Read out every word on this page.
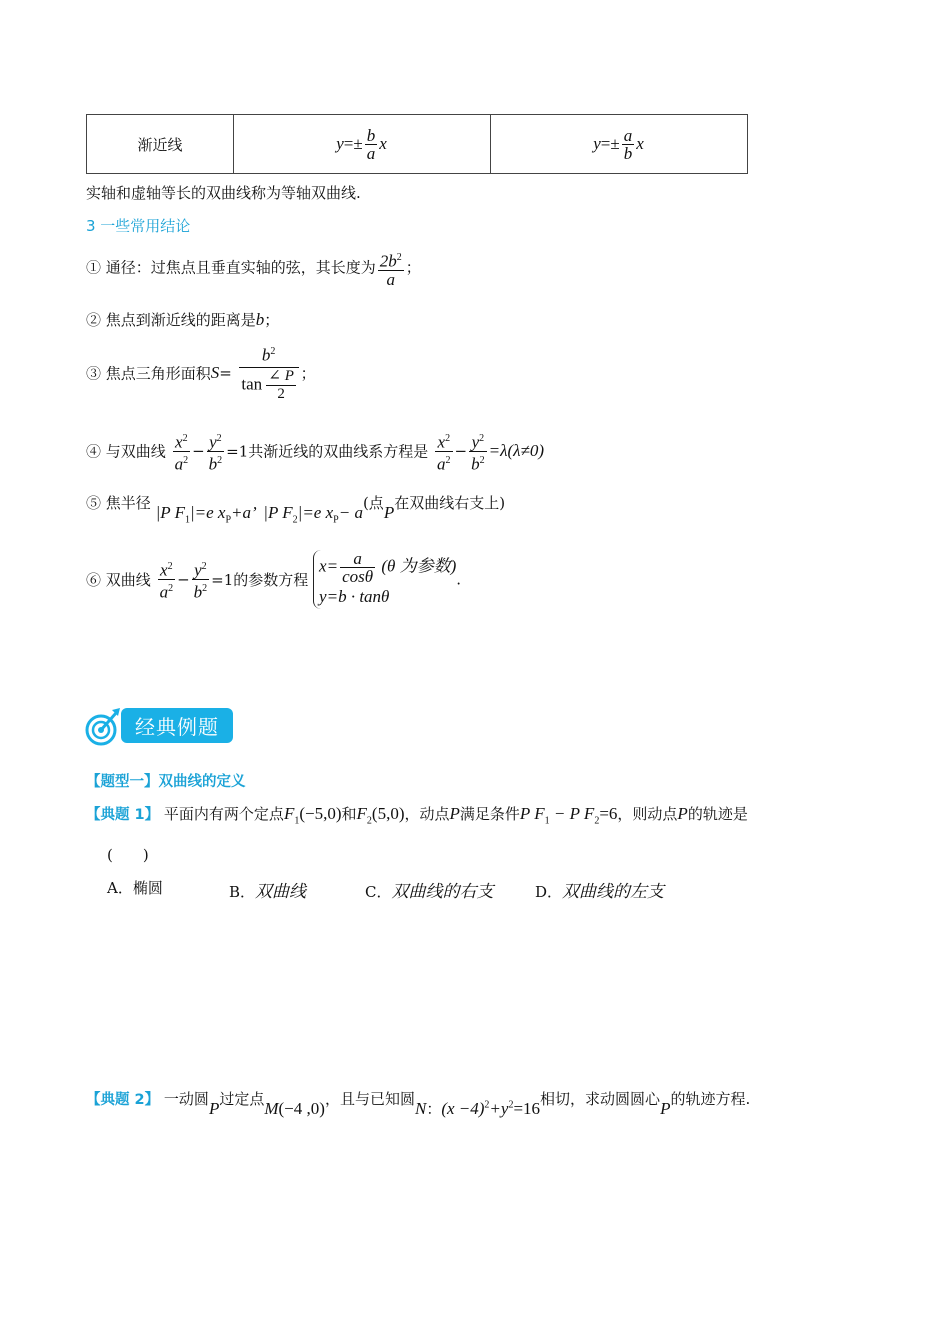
渐近线	$y =\pm \frac{b}{a}$ x	$y =\pm \frac{a}{b}$ x
实轴和虚轴等长的双曲线称为等轴双曲线.
3 一些常用结论
① 通径：过焦点且垂直实轴的弦，其长度为 $\frac{2b^2}{a}$ ；
② 焦点到渐近线的距离是b；
③ 焦点三角形面积$S= \frac{b^2}{\tan \frac{\angle P}{2}}$ ；
④ 与双曲线 $\frac{x^2}{a^2} - \frac{y^2}{b^2} =1$共渐近线的双曲线系方程是 $\frac{x^2}{a^2} - \frac{y^2}{b^2} =\lambda(\lambda\ne 0)$
⑤ 焦半径 |P $F_1|=e$ $x_P+a$’ |P $F_2|=e$ $x_P- a$(点P在双曲线右支上)
⑥ 双曲线 $\frac{x^2}{a^2} - \frac{y^2}{b^2} =1$的参数方程
$x= \frac{a}{\cos\theta} (\theta$ 为参数)
y=b · tanθ
.
经典例题
【题型一】双曲线的定义
【典题 1】 平面内有两个定点$F_1(-5,0)$和$F_2(5,0)$，动点P满足条件P $F_1 - P$ $F_2=6$，则动点P的轨迹是
(　　)
A．椭圆	B．双曲线	C．双曲线的右支	D．双曲线的左支
【典题 2】 一动圆P过定点M(−4 ,0)，且与已知圆N：$(x -4)^2+y^2=16$相切，求动圆圆心P的轨迹方程.
